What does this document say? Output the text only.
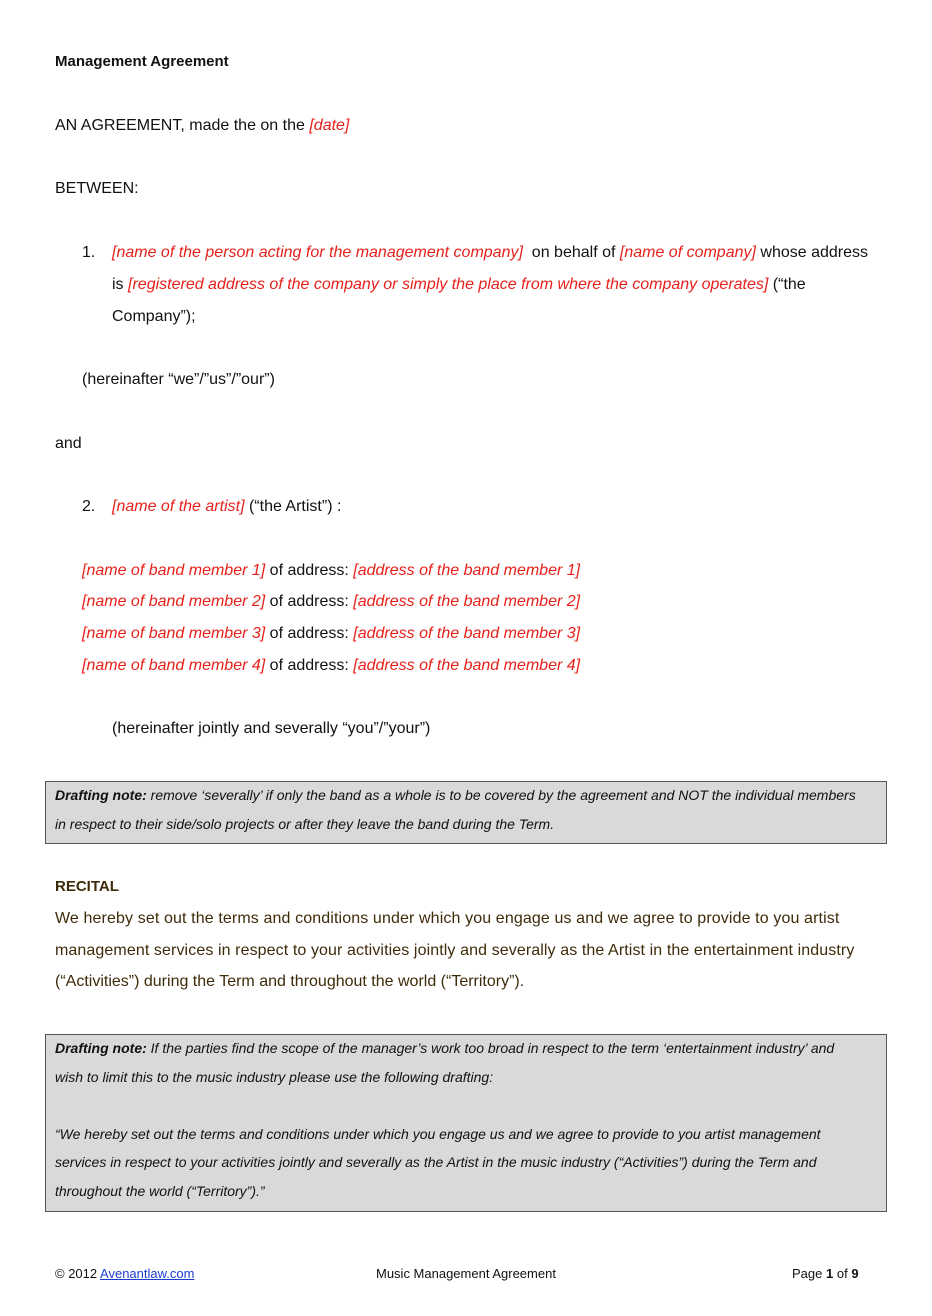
Management Agreement
AN AGREEMENT, made the on the [date]
BETWEEN:
1. [name of the person acting for the management company] on behalf of [name of company] whose address
is [registered address of the company or simply the place from where the company operates] (“the
Company”);
(hereinafter “we”/”us”/”our”)
and
2. [name of the artist] (“the Artist”) :
[name of band member 1] of address: [address of the band member 1]
[name of band member 2] of address: [address of the band member 2]
[name of band member 3] of address: [address of the band member 3]
[name of band member 4] of address: [address of the band member 4]
(hereinafter jointly and severally “you”/”your”)
Drafting note: remove ‘severally’ if only the band as a whole is to be covered by the agreement and NOT the individual members
in respect to their side/solo projects or after they leave the band during the Term.
RECITAL
We hereby set out the terms and conditions under which you engage us and we agree to provide to you artist
management services in respect to your activities jointly and severally as the Artist in the entertainment industry
(“Activities”) during the Term and throughout the world (“Territory”).
Drafting note: If the parties find the scope of the manager’s work too broad in respect to the term ‘entertainment industry’ and
wish to limit this to the music industry please use the following drafting:
“We hereby set out the terms and conditions under which you engage us and we agree to provide to you artist management
services in respect to your activities jointly and severally as the Artist in the music industry (“Activities”) during the Term and
throughout the world (“Territory”).”
© 2012 Avenantlaw.com	Music Management Agreement	Page 1 of 9
